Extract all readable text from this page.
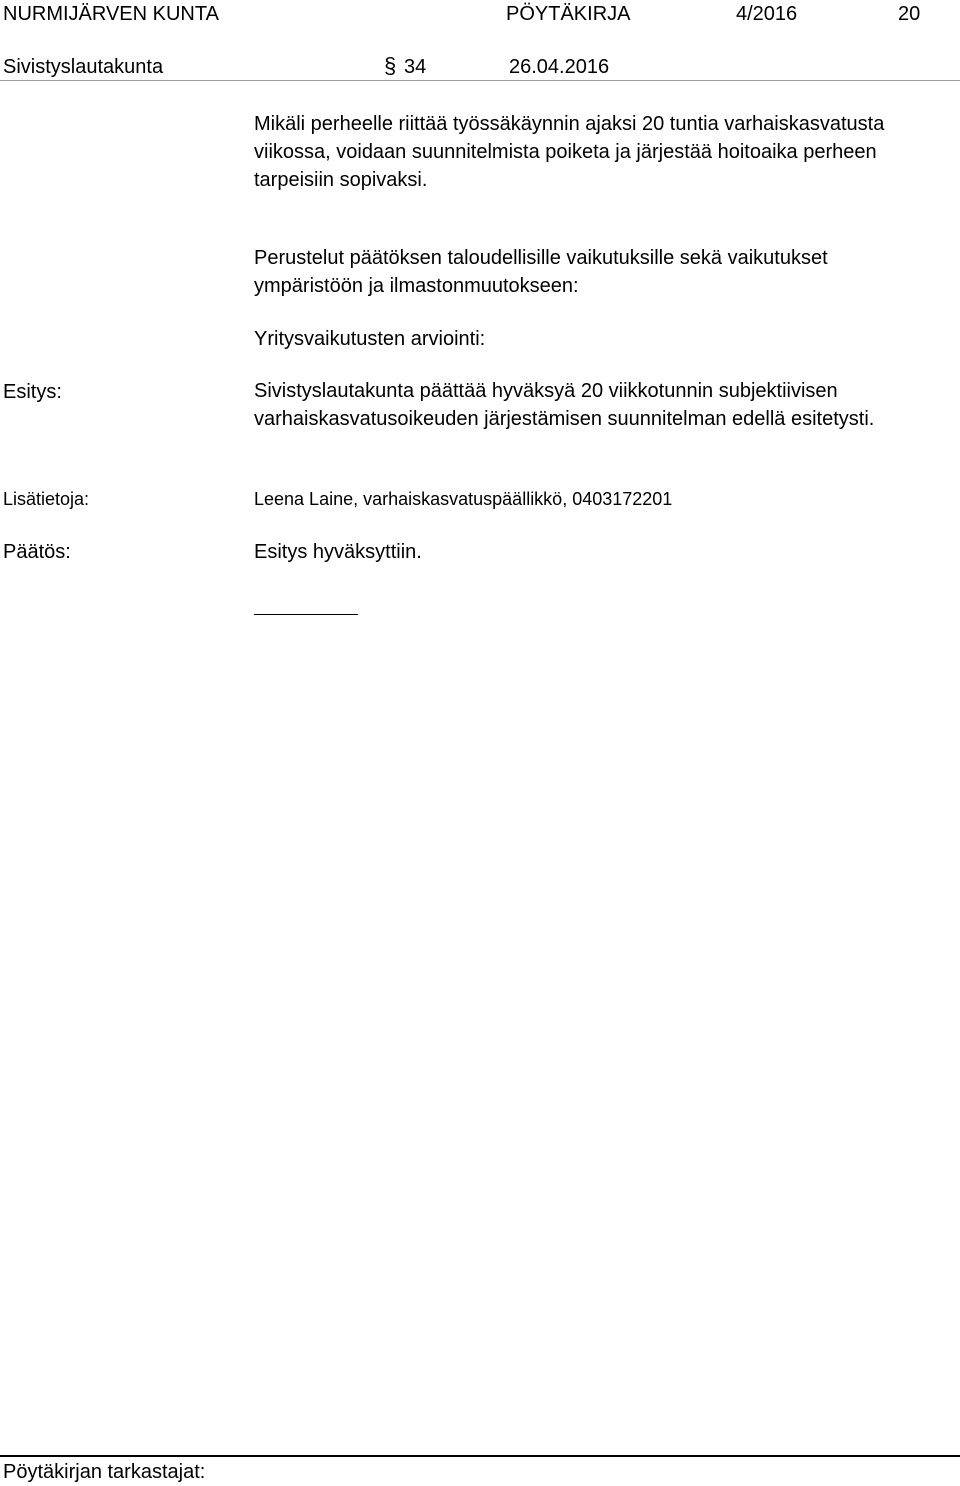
NURMIJÄRVEN KUNTA	PÖYTÄKIRJA	4/2016	20
Sivistyslautakunta	§ 34	26.04.2016
Mikäli perheelle riittää työssäkäynnin ajaksi 20 tuntia varhaiskasvatusta viikossa, voidaan suunnitelmista poiketa ja järjestää hoitoaika perheen tarpeisiin sopivaksi.
Perustelut päätöksen taloudellisille vaikutuksille sekä vaikutukset
ympäristöön ja ilmastonmuutokseen:
Yritysvaikutusten arviointi:
Esitys:	Sivistyslautakunta päättää hyväksyä 20 viikkotunnin subjektiivisen varhaiskasvatusoikeuden järjestämisen suunnitelman edellä esitetysti.
Lisätietoja:	Leena Laine, varhaiskasvatuspäällikkö, 0403172201
Päätös:	Esitys hyväksyttiin.
Pöytäkirjan tarkastajat:
